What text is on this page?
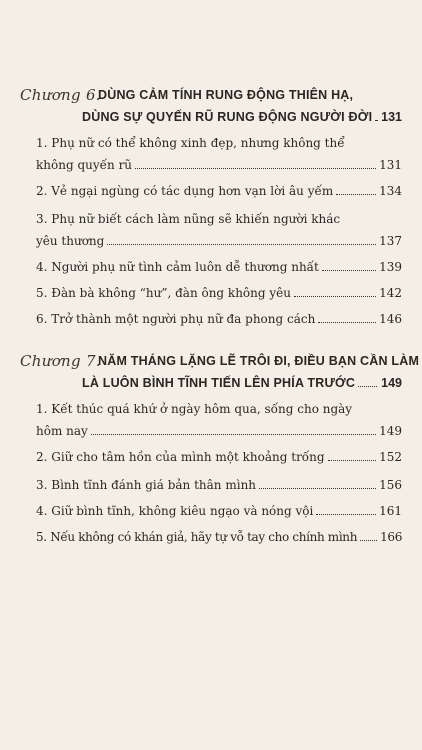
Chương 6.
DÙNG CẢM TÍNH RUNG ĐỘNG THIÊN HẠ,
DÙNG SỰ QUYẾN RŨ RUNG ĐỘNG NGƯỜI ĐỜI 131
1. Phụ nữ có thể không xinh đẹp, nhưng không thể
không quyến rũ	131
2. Vẻ ngại ngùng có tác dụng hơn vạn lời âu yếm	134
3. Phụ nữ biết cách làm nũng sẽ khiến người khác
yêu thương	137
4. Người phụ nữ tình cảm luôn dễ thương nhất	139
5. Đàn bà không “hư”, đàn ông không yêu	142
6. Trở thành một người phụ nữ đa phong cách	146
Chương 7.
NĂM THÁNG LẶNG LẼ TRÔI ĐI, ĐIỀU BẠN CẦN LÀM
LÀ LUÔN BÌNH TĨNH TIẾN LÊN PHÍA TRƯỚC 149
1. Kết thúc quá khứ ở ngày hôm qua, sống cho ngày
hôm nay	149
2. Giữ cho tâm hồn của mình một khoảng trống	152
3. Bình tĩnh đánh giá bản thân mình	156
4. Giữ bình tĩnh, không kiêu ngạo và nóng vội	161
5. Nếu không có khán giả, hãy tự vỗ tay cho chính mình 166
